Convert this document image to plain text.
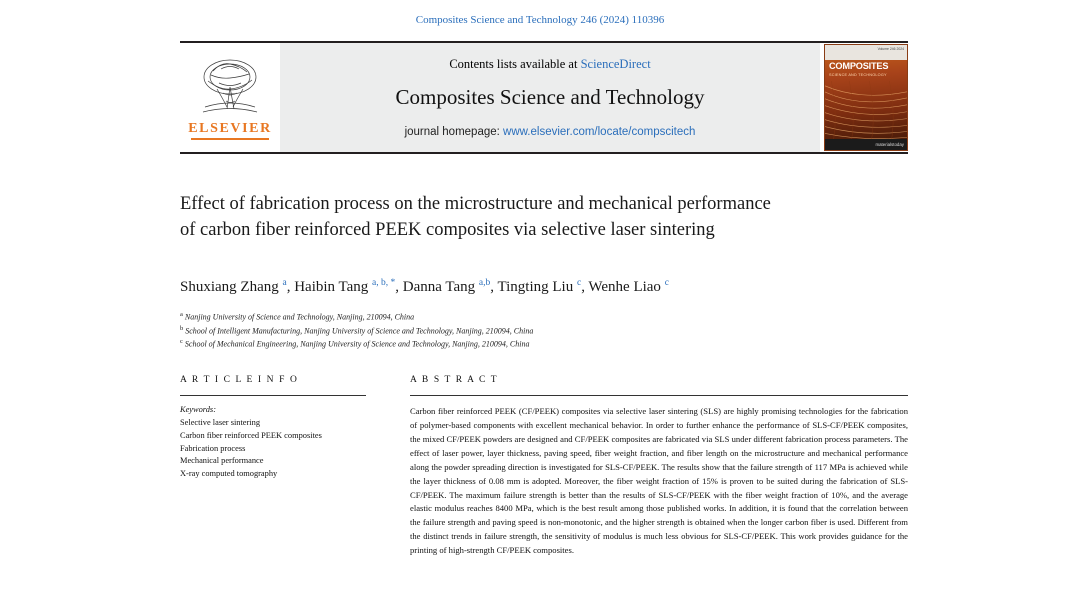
Composites Science and Technology 246 (2024) 110396
ELSEVIER
Contents lists available at ScienceDirect
Composites Science and Technology
journal homepage: www.elsevier.com/locate/compscitech
Volume 246 2024
COMPOSITES
SCIENCE AND TECHNOLOGY
materialstoday
Effect of fabrication process on the microstructure and mechanical performance of carbon fiber reinforced PEEK composites via selective laser sintering
Shuxiang Zhang $^a$, Haibin Tang $^{a, b, *}$, Danna Tang $^{a,b}$, Tingting Liu $^c$, Wenhe Liao $^c$
$^a$ Nanjing University of Science and Technology, Nanjing, 210094, China
$^b$ School of Intelligent Manufacturing, Nanjing University of Science and Technology, Nanjing, 210094, China
$^c$ School of Mechanical Engineering, Nanjing University of Science and Technology, Nanjing, 210094, China
A R T I C L E I N F O
Keywords:
Selective laser sintering
Carbon fiber reinforced PEEK composites
Fabrication process
Mechanical performance
X-ray computed tomography
A B S T R A C T
Carbon fiber reinforced PEEK (CF/PEEK) composites via selective laser sintering (SLS) are highly promising technologies for the fabrication of polymer-based components with excellent mechanical behavior. In order to further enhance the performance of SLS-CF/PEEK composites, the mixed CF/PEEK powders are designed and CF/PEEK composites are fabricated via SLS under different fabrication process parameters. The effect of laser power, layer thickness, paving speed, fiber weight fraction, and fiber length on the microstructure and mechanical performance along the powder spreading direction is investigated for SLS-CF/PEEK. The results show that the failure strength of 117 MPa is achieved while the layer thickness of 0.08 mm is adopted. Moreover, the fiber weight fraction of 15% is proven to be suited during the fabrication of SLS-CF/PEEK. The maximum failure strength is better than the results of SLS-CF/PEEK with the fiber weight fraction of 10%, and the average elastic modulus reaches 8400 MPa, which is the best result among those published works. In addition, it is found that the correlation between the failure strength and paving speed is non-monotonic, and the higher strength is obtained when the longer carbon fiber is used. Different from the distinct trends in failure strength, the sensitivity of modulus is much less obvious for SLS-CF/PEEK. This work provides guidance for the printing of high-strength CF/PEEK composites.
